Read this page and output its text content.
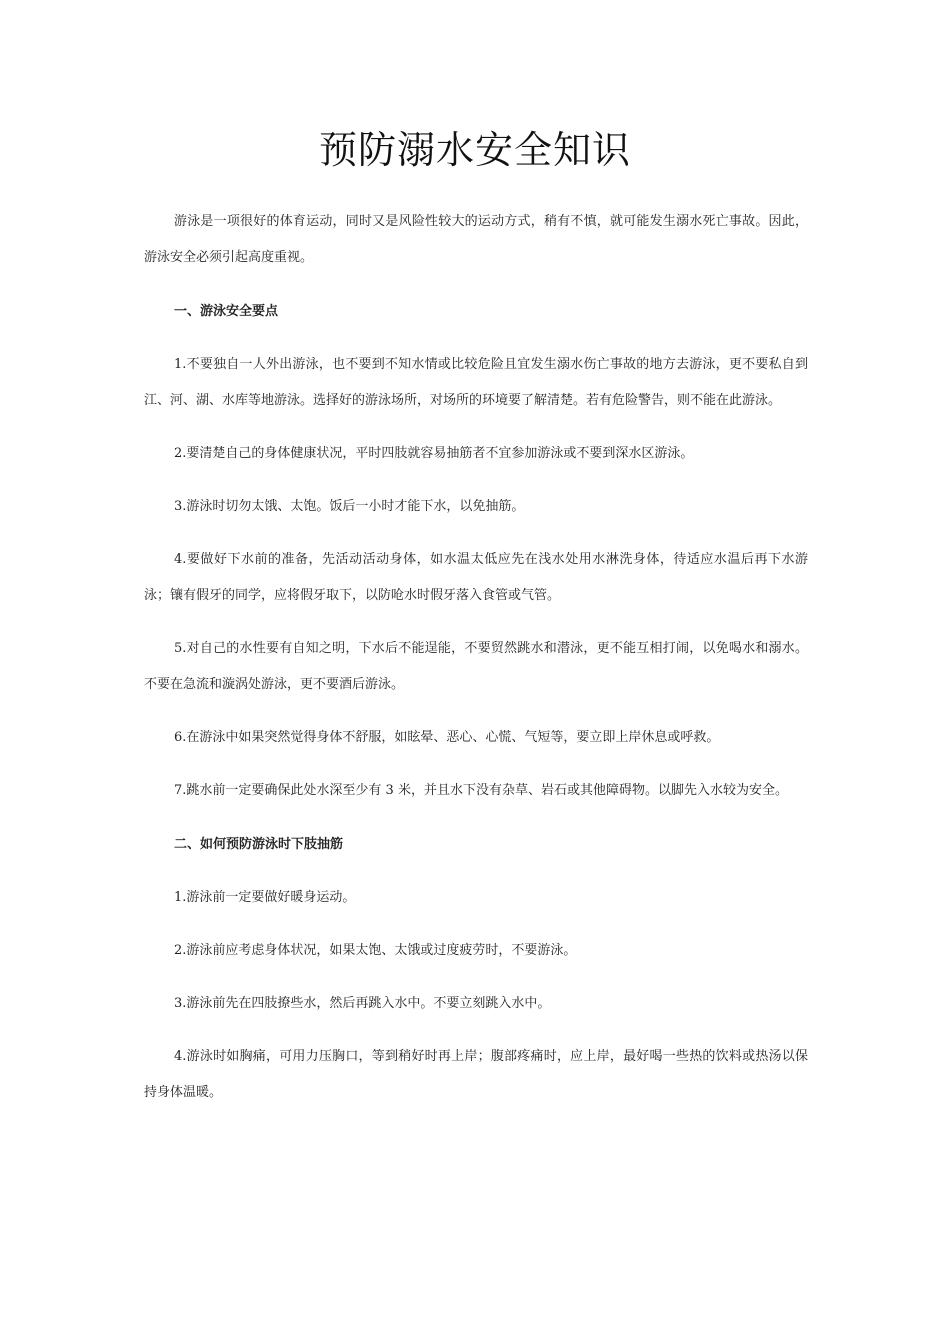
预防溺水安全知识

游泳是一项很好的体育运动，同时又是风险性较大的运动方式，稍有不慎，就可能发生溺水死亡事故。因此，游泳安全必须引起高度重视。

一、游泳安全要点

1.不要独自一人外出游泳，也不要到不知水情或比较危险且宜发生溺水伤亡事故的地方去游泳，更不要私自到江、河、湖、水库等地游泳。选择好的游泳场所，对场所的环境要了解清楚。若有危险警告，则不能在此游泳。

2.要清楚自己的身体健康状况，平时四肢就容易抽筋者不宜参加游泳或不要到深水区游泳。

3.游泳时切勿太饿、太饱。饭后一小时才能下水，以免抽筋。

4.要做好下水前的准备，先活动活动身体，如水温太低应先在浅水处用水淋洗身体，待适应水温后再下水游泳；镶有假牙的同学，应将假牙取下，以防呛水时假牙落入食管或气管。

5.对自己的水性要有自知之明，下水后不能逞能，不要贸然跳水和潜泳，更不能互相打闹，以免喝水和溺水。不要在急流和漩涡处游泳，更不要酒后游泳。

6.在游泳中如果突然觉得身体不舒服，如眩晕、恶心、心慌、气短等，要立即上岸休息或呼救。

7.跳水前一定要确保此处水深至少有 3 米，并且水下没有杂草、岩石或其他障碍物。以脚先入水较为安全。

二、如何预防游泳时下肢抽筋

1.游泳前一定要做好暖身运动。

2.游泳前应考虑身体状况，如果太饱、太饿或过度疲劳时，不要游泳。

3.游泳前先在四肢撩些水，然后再跳入水中。不要立刻跳入水中。

4.游泳时如胸痛，可用力压胸口，等到稍好时再上岸；腹部疼痛时，应上岸，最好喝一些热的饮料或热汤以保持身体温暖。
